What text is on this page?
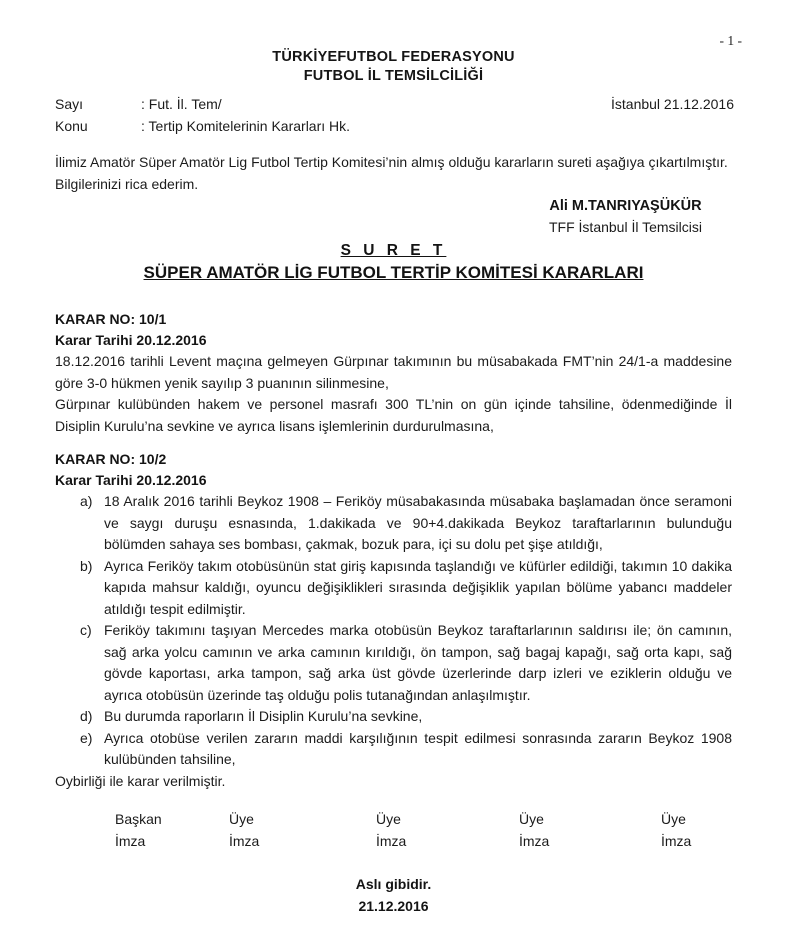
- 1 -
TÜRKİYEFUTBOL FEDERASYONU
FUTBOL İL TEMSİLCİLİĞİ
Sayı	: Fut. İl. Tem/
Konu	: Tertip Komitelerinin Kararları Hk.
İstanbul 21.12.2016

İlimiz Amatör Süper Amatör Lig Futbol Tertip Komitesi’nin almış olduğu kararların sureti aşağıya çıkartılmıştır.

Bilgilerinizi rica ederim.

Ali M.TANRIYAŞÜKÜR
TFF İstanbul İl Temsilcisi
S U R E T
SÜPER AMATÖR LİG FUTBOL TERTİP KOMİTESİ KARARLARI
KARAR NO: 10/1
Karar Tarihi 20.12.2016

18.12.2016 tarihli Levent maçına gelmeyen Gürpınar takımının bu müsabakada FMT’nin 24/1-a maddesine göre 3-0 hükmen yenik sayılıp 3 puanının silinmesine,

Gürpınar kulübünden hakem ve personel masrafı 300 TL’nin on gün içinde tahsiline, ödenmediğinde İl Disiplin Kurulu’na sevkine ve ayrıca lisans işlemlerinin durdurulmasına,

KARAR NO: 10/2
Karar Tarihi 20.12.2016
a) 18 Aralık 2016 tarihli Beykoz 1908 – Feriköy müsabakasında müsabaka başlamadan önce seramoni ve saygı duruşu esnasında, 1.dakikada ve 90+4.dakikada Beykoz taraftarlarının bulunduğu bölümden sahaya ses bombası, çakmak, bozuk para, içi su dolu pet şişe atıldığı,
b) Ayrıca Feriköy takım otobüsünün stat giriş kapısında taşlandığı ve küfürler edildiği, takımın 10 dakika kapıda mahsur kaldığı, oyuncu değişiklikleri sırasında değişiklik yapılan bölüme yabancı maddeler atıldığı tespit edilmiştir.
c) Feriköy takımını taşıyan Mercedes marka otobüsün Beykoz taraftarlarının saldırısı ile; ön camının, sağ arka yolcu camının ve arka camının kırıldığı, ön tampon, sağ bagaj kapağı, sağ orta kapı, sağ gövde kaportası, arka tampon, sağ arka üst gövde üzerlerinde darp izleri ve eziklerin olduğu ve ayrıca otobüsün üzerinde taş olduğu polis tutanağından anlaşılmıştır.
d) Bu durumda raporların İl Disiplin Kurulu’na sevkine,
e) Ayrıca otobüse verilen zararın maddi karşılığının tespit edilmesi sonrasında zararın Beykoz 1908 kulübünden tahsiline,

Oybirliği ile karar verilmiştir.

Başkan
İmza
Üye
İmza
Üye
İmza
Üye
İmza
Üye
İmza
Aslı gibidir.
21.12.2016
